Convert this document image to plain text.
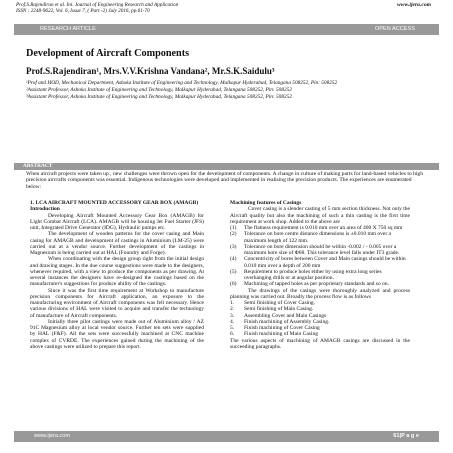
Prof.S.Rajendiran et al. Int. Journal of Engineering Research and Application
ISSN : 2248-9622, Vol. 6, Issue 7, ( Part -2) July 2016, pp.61-70
www.ijera.com
RESEARCH ARTICLE	OPEN ACCESS
Development of Aircraft Components
Prof.S.Rajendiran¹, Mrs.V.V.Krishna Vandana², Mr.S.K.Saidulu³

¹Prof and HOD, Mechanical Department, Ashoka Institute of Engineering and Technology, Malkapur Hyderabad, Telangana 508252, Pin: 508252

²Assistant Professor, Ashoka Institute of Engineering and Technology, Malkapur Hyderabad, Telangana 508252, Pin: 508252

³Assistant Professor, Ashoka Institute of Engineering and Technology, Malkapur Hyderabad, Telangana 508252, Pin: 508252

ABSTRACT
When aircraft projects were taken up , new challenges were thrown open for the development of components. A change in culture of making parts for land-based vehicles to high precision aircrafts components was essential. Indigenous technologies were developed and implemented in realising the precision products. The experiences are enumerated below:

1. LCA AIRCRAFT MOUNTED ACCESSORY GEAR BOX (AMAGB)

Introduction

Developing Aircraft Mounted Accessory Gear Box (AMAGB) for Light Combat Aircraft (LCA). AMAGB will be housing Jet Fuel Starter (JFS) unit, Integrated Drive Generator (IDG), Hydraulic pumps etc.

The development of wooden patterns for the cover casing and Main casing for AMAGB and development of castings in Aluminium (LM-25) were carried out at a vendor source. Further development of the castings in Magnesium is being carried out at HAL (Foundry and Forge).

When coordinating with the design group right from the initial design and drawing stages. In the due course suggestions were made to the designers, whenever required, with a view to produce the components as per drawing. At several instances the designers have re-designed the castings based on the manufacturer's suggestions for produce ability of the castings.

Since it was the first time requirement at Workshop to manufacture precision components for Aircraft application, an exposure to the manufacturing environment of Aircraft components was felt necessary. Hence various divisions of HAL were visited to acquire and transfer the technology of manufacture of Aircraft components.

Initially three pilot castings were made out of Aluminium alloy / AZ 91C Magnesium alloy at local vendor source. Further ten sets were supplied by HAL (F&F). All the sets were successfully machined at CNC machine complex of CVRDE. The experiences gained during the machining of the above castings were utilized to prepare this report.

Machining features of Casings

Cover casing is a slender casting of 5 mm section thickness. Not only the Aircraft quality but also the machining of such a thin casting is the first time requirement at work shop. Added to the above are

(1)	The flatness requirement is 0.010 mm over an area of 400 X 750 sq mm
(2)	Tolerance on bore centre distance dimensions is ±0.010 mm over a maximum length of 122 mm.
(3)	Tolerance on bore dimension should be within -0.002 / - 0.005 over a maximum bore size of Φ68. This tolerance level falls under IT3 grade.
(4)	Concentricity of bores between Cover and Main casings should be within 0.010 mm over a depth of 200 mm
(5)	Requirement to produce holes either by using extra long series overhanging drills or at angular position.
(6)	Machining of tapped holes as per proprietary standards and so on.

The drawings of the casings were thoroughly analyzed and process planning was carried out. Broadly the process flow is as follows

1.	Semi finishing of Cover Casing.
2.	Semi finishing of Main Casing.
3.	Assembling Cover and Main Casings
4.	Finish machining of Assembly Casing.
5.	Finish machining of Cover Casing
6.	Finish machining of Main Casing

The various aspects of machining of AMAGB casings are discussed in the succeeding paragraphs.

www.ijera.com	61|P a g e
